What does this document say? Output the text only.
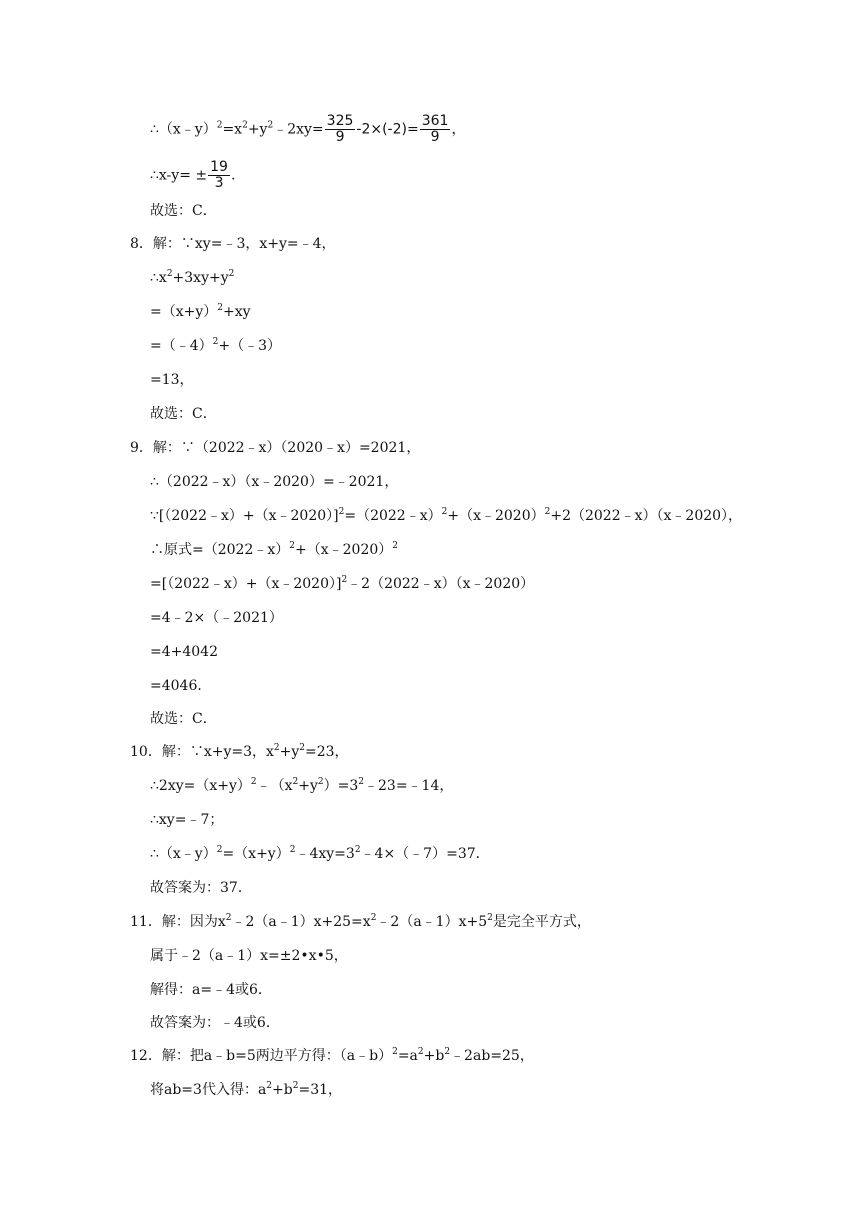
$\therefore(x﹣y)^2=x^2+y^2﹣2xy= \frac{325}{9} -2\times(-2)= \frac{361}{9}$ ，
∴x-y= ± $\frac{19}{3}$ .
故选：C．
8．解：∵xy=﹣3，x+y=﹣4，
$\therefore x^2+3xy+y^2$
$=(x+y)^2+xy$
=（﹣4）$^2$+（﹣3）
=13，
故选：C．
9．解：∵（2022﹣x）（2020﹣x）=2021，
∴（2022﹣x）（x﹣2020）=﹣2021，
∵[（2022﹣x）+（x﹣2020）]$^2$=（2022﹣x）$^2$+（x﹣2020）$^2$+2（2022﹣x）（x﹣2020），
∴原式=（2022﹣x）$^2$+（x﹣2020）$^2$
=[（2022﹣x）+（x﹣2020）]$^2$﹣2（2022﹣x）（x﹣2020）
=4﹣2×（﹣2021）
=4+4042
=4046．
故选：C．
10．解：∵x+y=3，$x^2+y^2=23$，
$\therefore 2xy=(x+y)^2﹣(x^2+y^2)=3^2﹣23=﹣14$，
∴xy=﹣7；
$\therefore(x﹣y)^2=(x+y)^2﹣4xy=3^2﹣4\times(﹣7)=37$．
故答案为：37．
11．解：因为$x^2﹣2(a﹣1)x+25=x^2﹣2(a﹣1)x+5^2$是完全平方式，
属于﹣2（a﹣1）x=±2•x•5，
解得：a=﹣4或6．
故答案为：﹣4或6．
12．解：把a﹣b=5两边平方得：$(a﹣b)^2=a^2+b^2﹣2ab=25$，
将ab=3代入得：$a^2+b^2=31$，
